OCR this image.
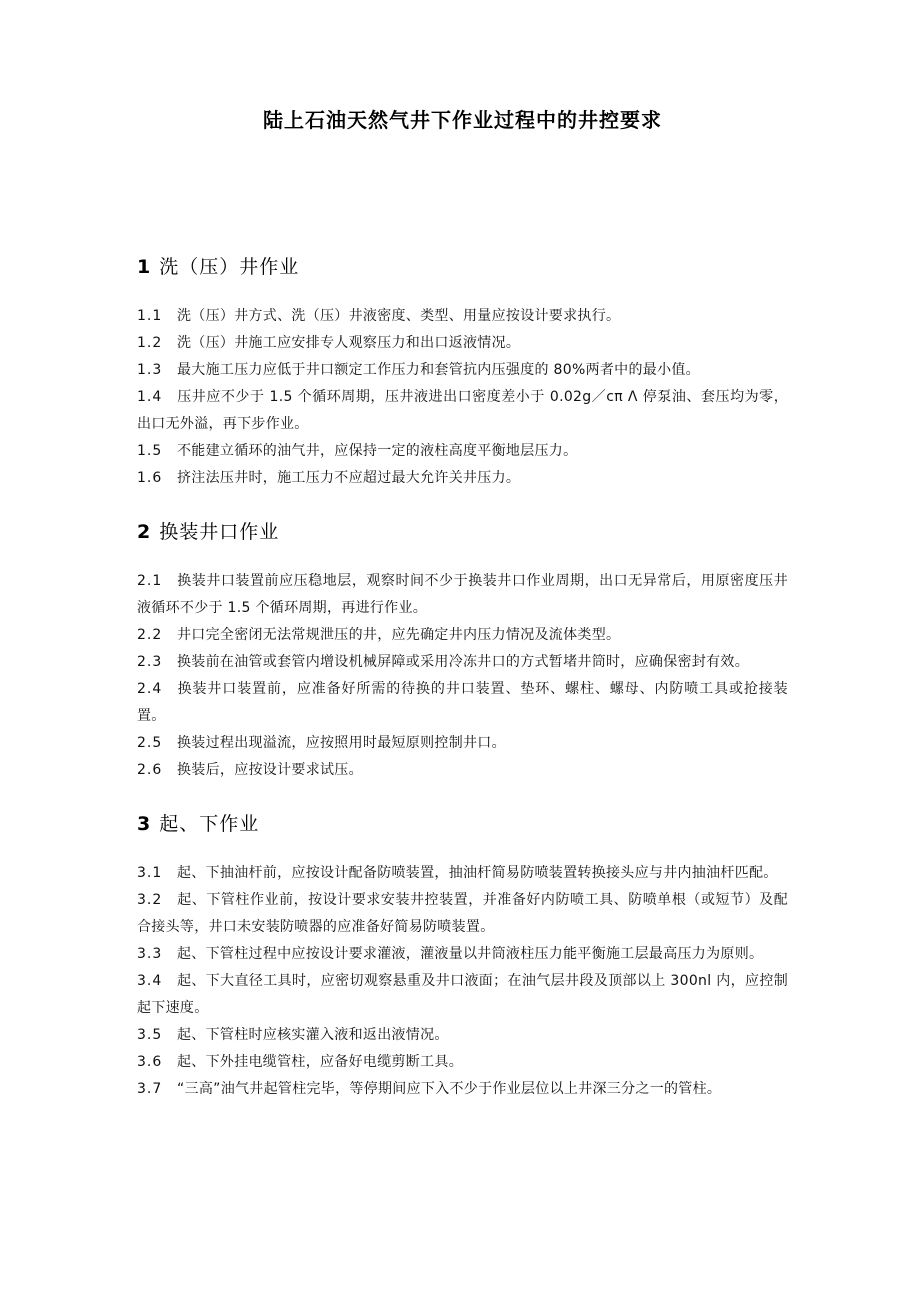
陆上石油天然气井下作业过程中的井控要求
1 洗（压）井作业

1.1 洗（压）井方式、洗（压）井液密度、类型、用量应按设计要求执行。

1.2 洗（压）井施工应安排专人观察压力和出口返液情况。

1.3 最大施工压力应低于井口额定工作压力和套管抗内压强度的 80%两者中的最小值。

1.4 压井应不少于 1.5 个循环周期，压井液进出口密度差小于 0.02g／cπ Λ 停泵油、套压均为零，出口无外溢，再下步作业。

1.5 不能建立循环的油气井，应保持一定的液柱高度平衡地层压力。

1.6 挤注法压井时，施工压力不应超过最大允许关井压力。

2 换装井口作业

2.1 换装井口装置前应压稳地层，观察时间不少于换装井口作业周期，出口无异常后，用原密度压井液循环不少于 1.5 个循环周期，再进行作业。

2.2 井口完全密闭无法常规泄压的井，应先确定井内压力情况及流体类型。

2.3 换装前在油管或套管内增设机械屏障或采用冷冻井口的方式暂堵井筒时，应确保密封有效。

2.4 换装井口装置前，应准备好所需的待换的井口装置、垫环、螺柱、螺母、内防喷工具或抢接装置。

2.5 换装过程出现溢流，应按照用时最短原则控制井口。

2.6 换装后，应按设计要求试压。

3 起、下作业

3.1 起、下抽油杆前，应按设计配备防喷装置，抽油杆简易防喷装置转换接头应与井内抽油杆匹配。

3.2 起、下管柱作业前，按设计要求安装井控装置，并准备好内防喷工具、防喷单根（或短节）及配合接头等，井口未安装防喷器的应准备好简易防喷装置。

3.3 起、下管柱过程中应按设计要求灌液，灌液量以井筒液柱压力能平衡施工层最高压力为原则。

3.4 起、下大直径工具时，应密切观察悬重及井口液面；在油气层井段及顶部以上 300nl 内，应控制起下速度。

3.5 起、下管柱时应核实灌入液和返出液情况。

3.6 起、下外挂电缆管柱，应备好电缆剪断工具。

3.7 “三高”油气井起管柱完毕，等停期间应下入不少于作业层位以上井深三分之一的管柱。
